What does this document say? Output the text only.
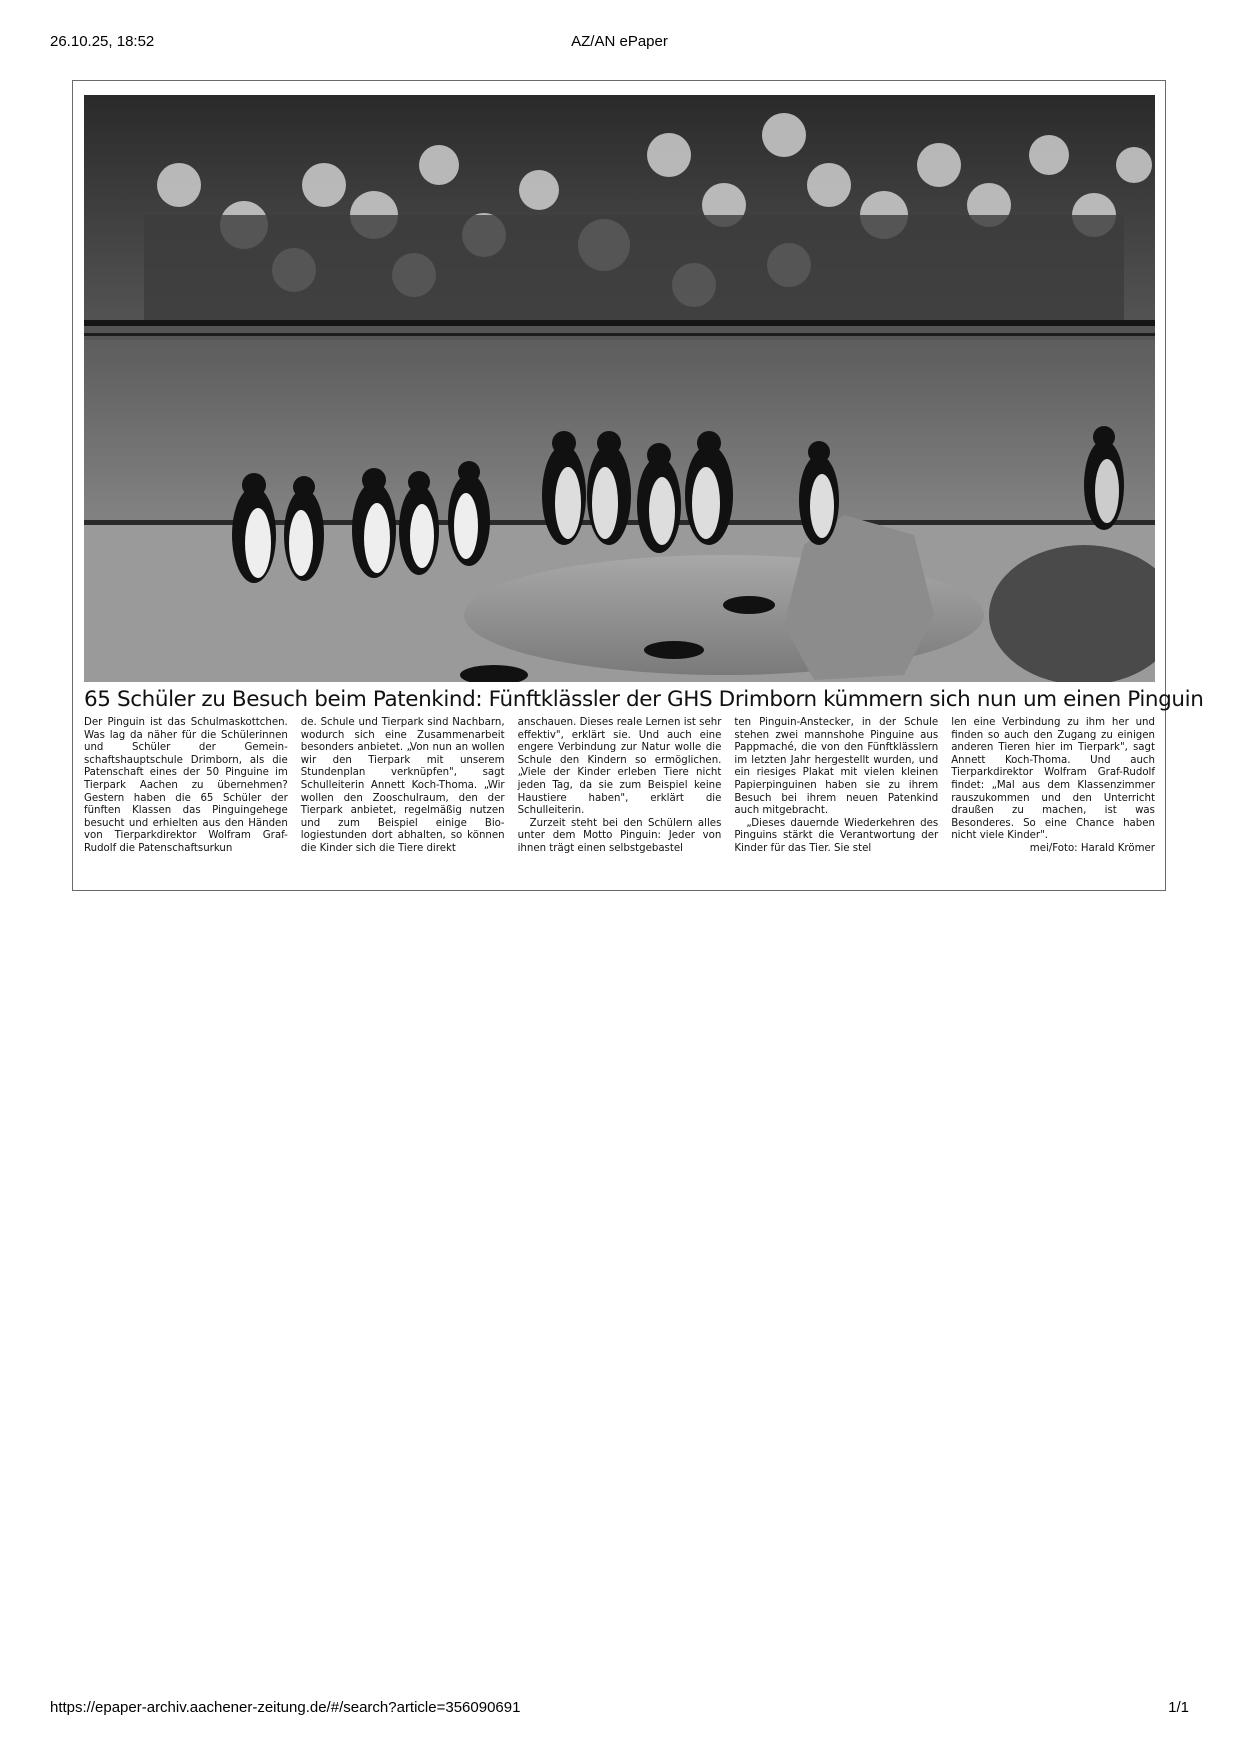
26.10.25, 18:52	AZ/AN ePaper
65 Schüler zu Besuch beim Patenkind: Fünftklässler der GHS Drimborn kümmern sich nun um einen Pinguin

Der Pinguin ist das Schulmaskottchen. Was lag da näher für die Schülerinnen und Schüler der Gemeinschaftshauptschule Drimborn, als die Patenschaft eines der 50 Pinguine im Tierpark Aachen zu übernehmen? Gestern haben die 65 Schüler der fünften Klassen das Pinguingehege besucht und erhielten aus den Händen von Tierparkdirektor Wolfram Graf-Rudolf die Patenschaftsurkun

de. Schule und Tierpark sind Nachbarn, wodurch sich eine Zusammenarbeit besonders anbietet. „Von nun an wollen wir den Tierpark mit unserem Stundenplan verknüpfen", sagt Schulleiterin Annett Koch-Thoma. „Wir wollen den Zooschulraum, den der Tierpark anbietet, regelmäßig nutzen und zum Beispiel einige Biologiestunden dort abhalten, so können die Kinder sich die Tiere direkt

anschauen. Dieses reale Lernen ist sehr effektiv", erklärt sie. Und auch eine engere Verbindung zur Natur wolle die Schule den Kindern so ermöglichen. „Viele der Kinder erleben Tiere nicht jeden Tag, da sie zum Beispiel keine Haustiere haben", erklärt die Schulleiterin.

Zurzeit steht bei den Schülern alles unter dem Motto Pinguin: Jeder von ihnen trägt einen selbstgebastel

ten Pinguin-Anstecker, in der Schule stehen zwei mannshohe Pinguine aus Pappmaché, die von den Fünftklässlern im letzten Jahr hergestellt wurden, und ein riesiges Plakat mit vielen kleinen Papierpinguinen haben sie zu ihrem Besuch bei ihrem neuen Patenkind auch mitgebracht.

„Dieses dauernde Wiederkehren des Pinguins stärkt die Verantwortung der Kinder für das Tier. Sie stel

len eine Verbindung zu ihm her und finden so auch den Zugang zu einigen anderen Tieren hier im Tierpark", sagt Annett Koch-Thoma. Und auch Tierparkdirektor Wolfram Graf-Rudolf findet: „Mal aus dem Klassenzimmer rauszukommen und den Unterricht draußen zu machen, ist was Besonderes. So eine Chance haben nicht viele Kinder".

mei/Foto: Harald Krömer
https://epaper-archiv.aachener-zeitung.de/#/search?article=356090691	1/1
